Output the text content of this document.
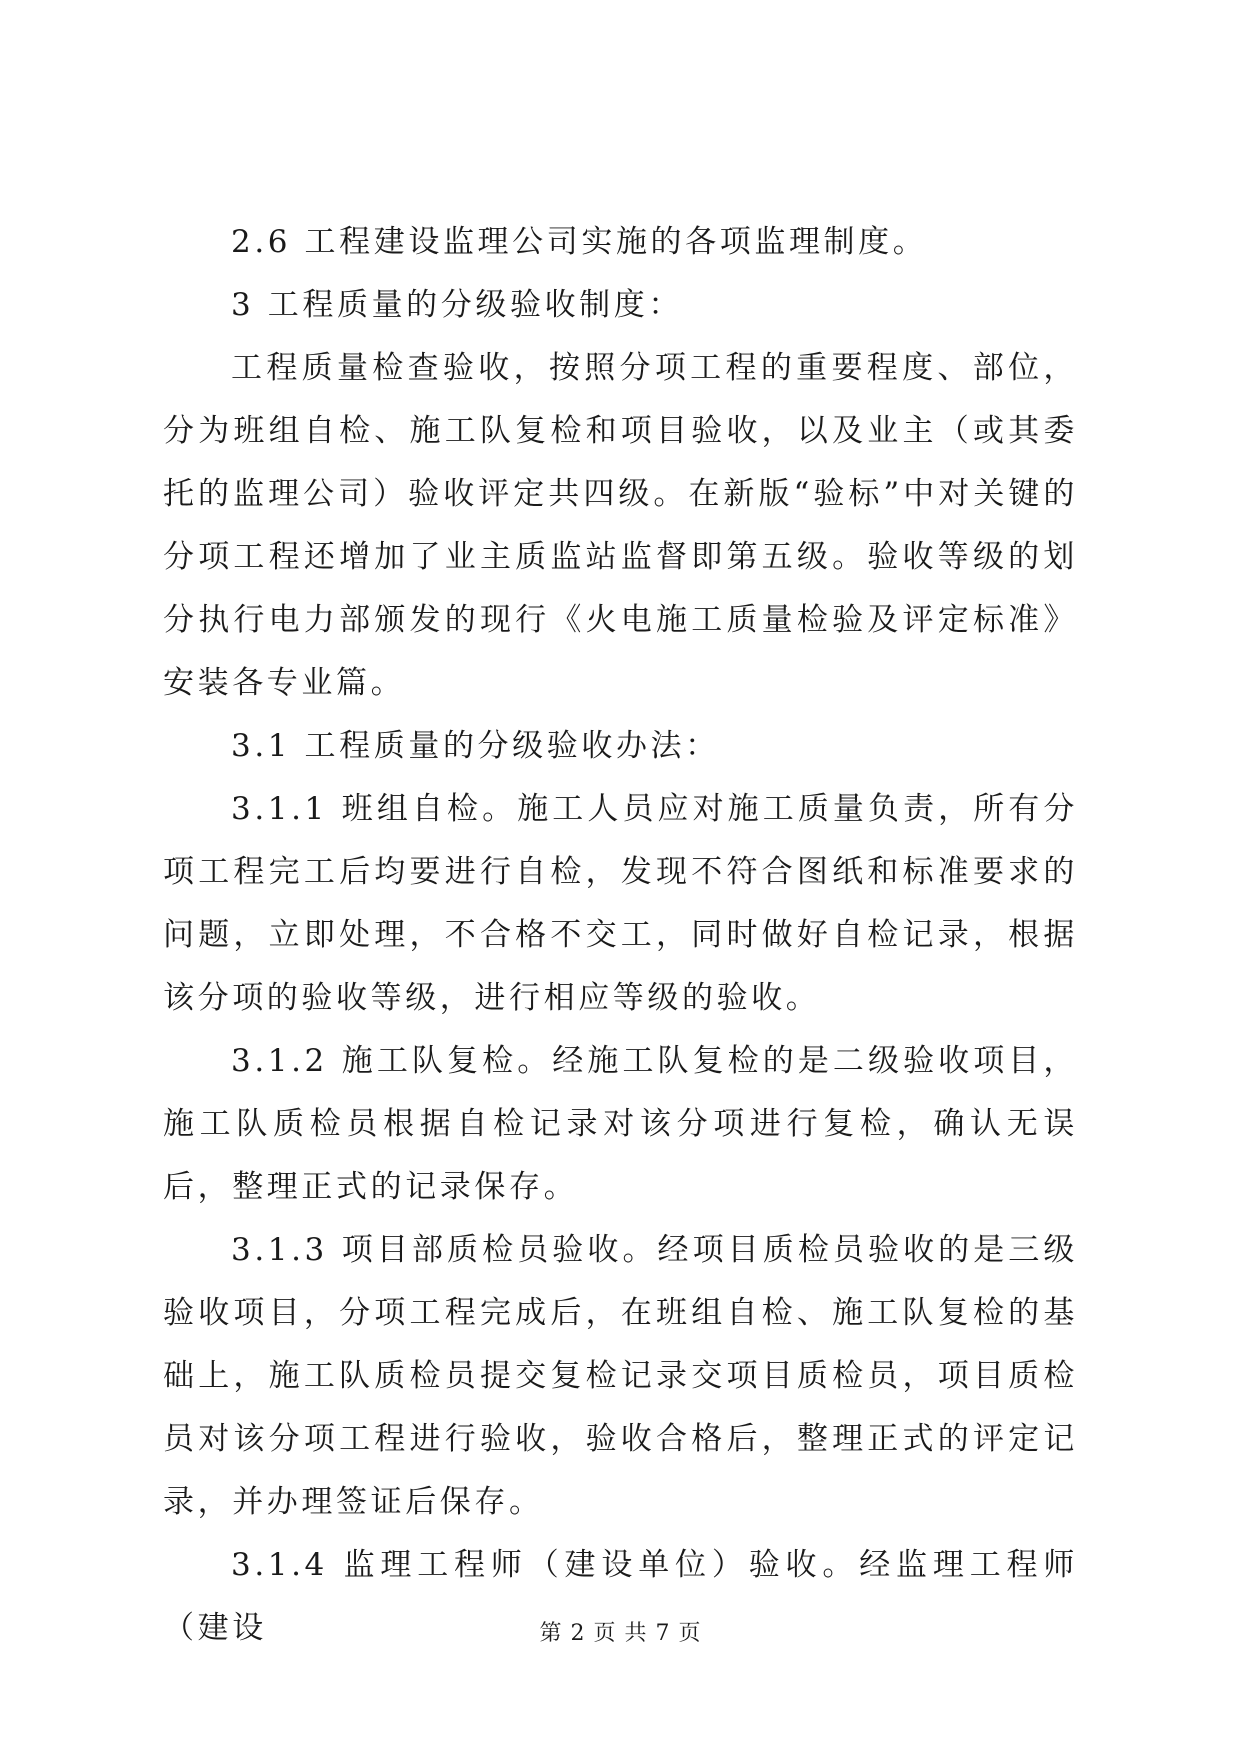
2.6 工程建设监理公司实施的各项监理制度。

3 工程质量的分级验收制度：

工程质量检查验收，按照分项工程的重要程度、部位，分为班组自检、施工队复检和项目验收，以及业主（或其委托的监理公司）验收评定共四级。在新版“验标”中对关键的分项工程还增加了业主质监站监督即第五级。验收等级的划分执行电力部颁发的现行《火电施工质量检验及评定标准》安装各专业篇。

3.1 工程质量的分级验收办法：

3.1.1 班组自检。施工人员应对施工质量负责，所有分项工程完工后均要进行自检，发现不符合图纸和标准要求的问题，立即处理，不合格不交工，同时做好自检记录，根据该分项的验收等级，进行相应等级的验收。

3.1.2 施工队复检。经施工队复检的是二级验收项目，施工队质检员根据自检记录对该分项进行复检，确认无误后，整理正式的记录保存。

3.1.3 项目部质检员验收。经项目质检员验收的是三级验收项目，分项工程完成后，在班组自检、施工队复检的基础上，施工队质检员提交复检记录交项目质检员，项目质检员对该分项工程进行验收，验收合格后，整理正式的评定记录，并办理签证后保存。

3.1.4 监理工程师（建设单位）验收。经监理工程师（建设	第 2 页 共 7 页
